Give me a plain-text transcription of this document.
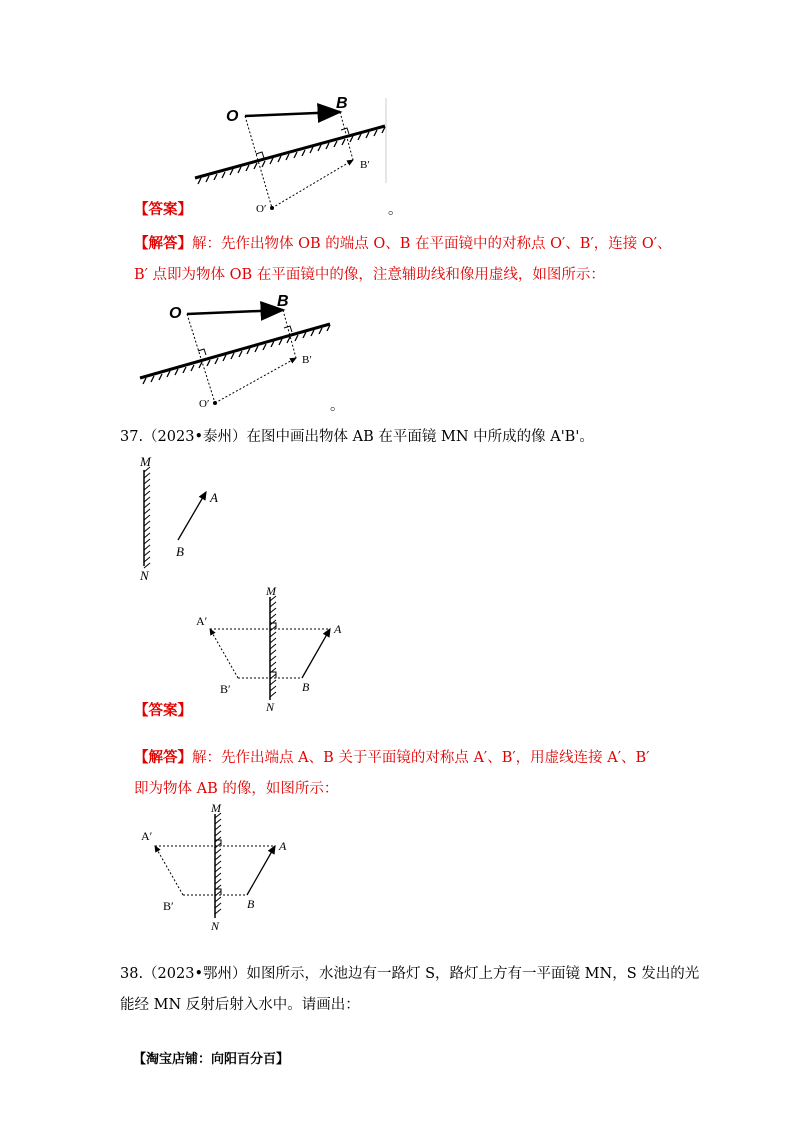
O
B
B′
O′
【答案】	。
【解答】解：先作出物体 OB 的端点 O、B 在平面镜中的对称点 O′、B′，连接 O′、
B′ 点即为物体 OB 在平面镜中的像，注意辅助线和像用虚线，如图所示：
O
B
B′
O′	。
37.（2023•泰州）在图中画出物体 AB 在平面镜 MN 中所成的像 A'B'。
M
N
A
B
M
N
A′
A
B′	B
【答案】
【解答】解：先作出端点 A、B 关于平面镜的对称点 A′、B′，用虚线连接 A′、B′
即为物体 AB 的像，如图所示：
M
N
A′
A
B′	B
38.（2023•鄂州）如图所示，水池边有一路灯 S，路灯上方有一平面镜 MN，S 发出的光
能经 MN 反射后射入水中。请画出：
【淘宝店铺：向阳百分百】
